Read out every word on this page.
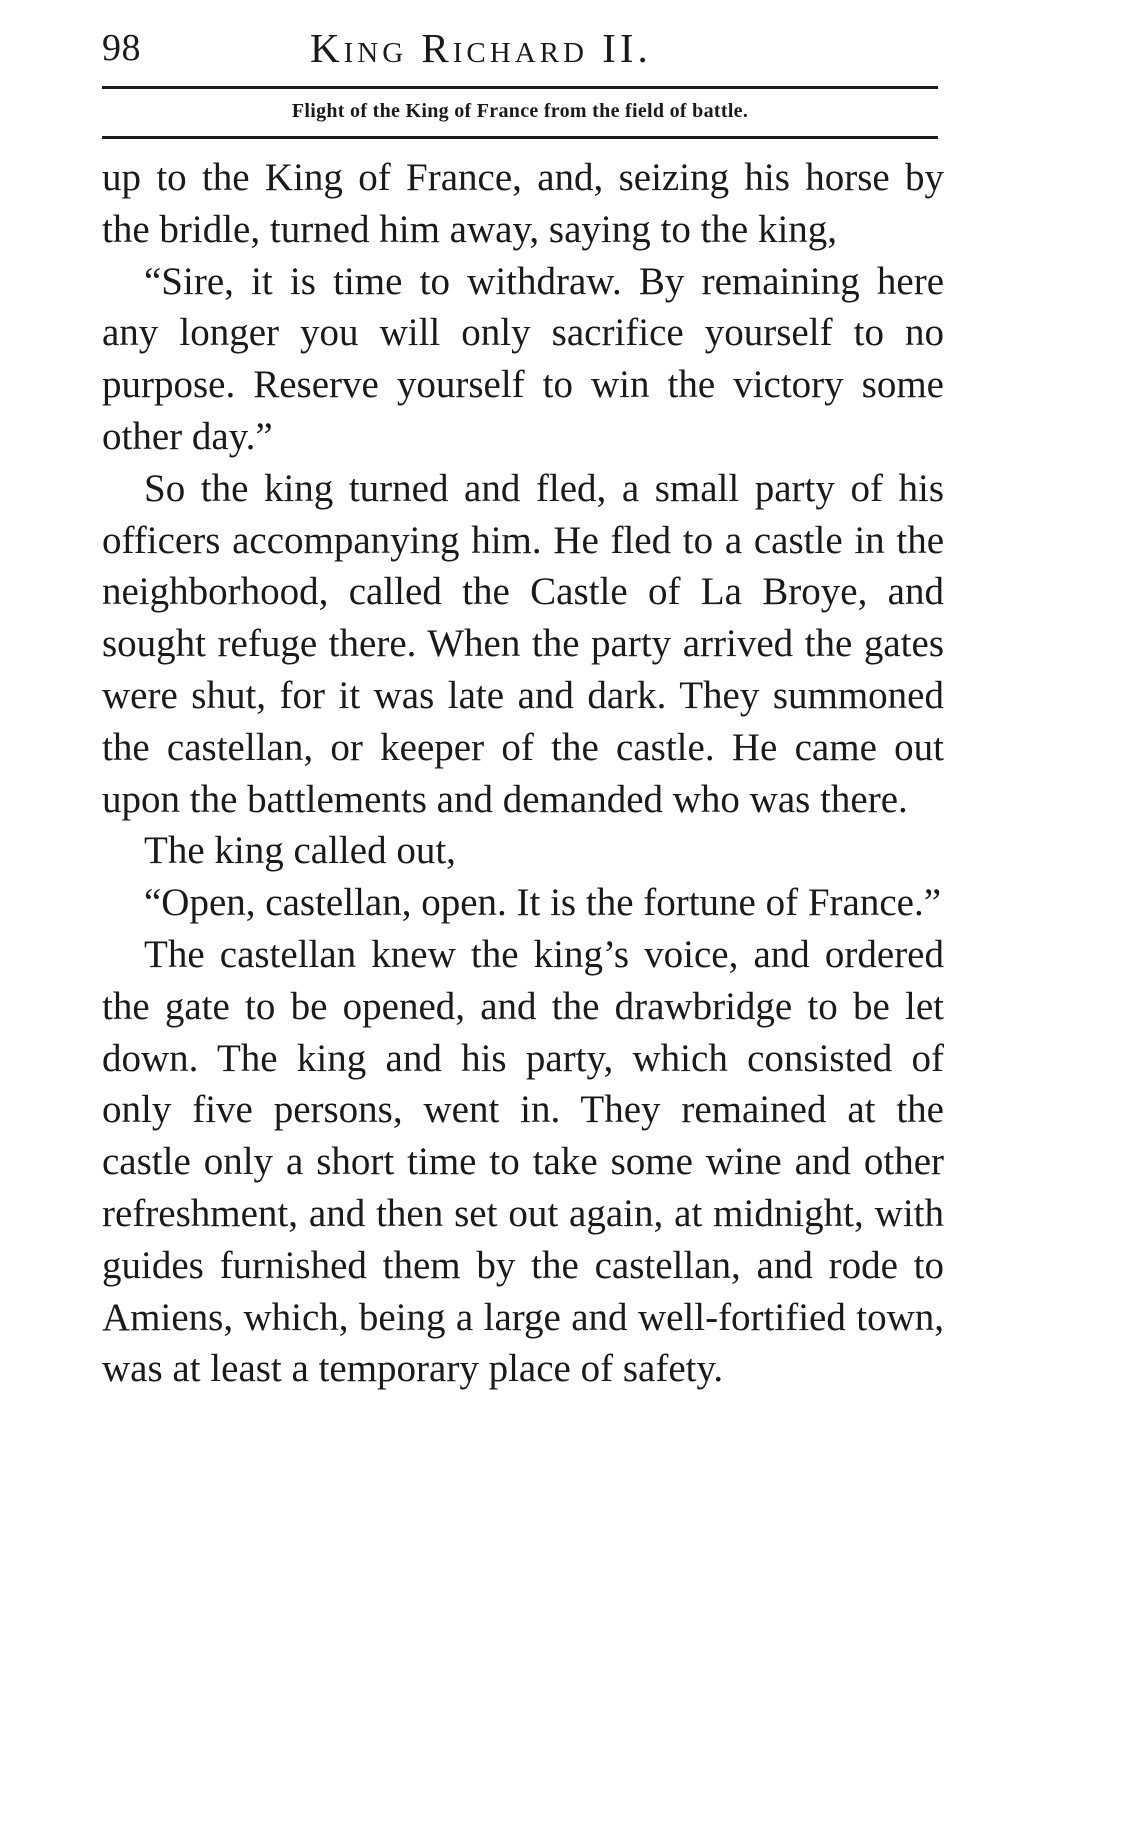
98	King Richard II.
Flight of the King of France from the field of battle.

up to the King of France, and, seizing his horse by the bridle, turned him away, saying to the king,

“Sire, it is time to withdraw. By remaining here any longer you will only sacrifice yourself to no purpose. Reserve yourself to win the victory some other day.”

So the king turned and fled, a small party of his officers accompanying him. He fled to a castle in the neighborhood, called the Castle of La Broye, and sought refuge there. When the party arrived the gates were shut, for it was late and dark. They summoned the castellan, or keeper of the castle. He came out upon the battlements and demanded who was there.

The king called out,

“Open, castellan, open. It is the fortune of France.”

The castellan knew the king’s voice, and ordered the gate to be opened, and the drawbridge to be let down. The king and his party, which consisted of only five persons, went in. They remained at the castle only a short time to take some wine and other refreshment, and then set out again, at midnight, with guides furnished them by the castellan, and rode to Amiens, which, being a large and well-fortified town, was at least a temporary place of safety.
